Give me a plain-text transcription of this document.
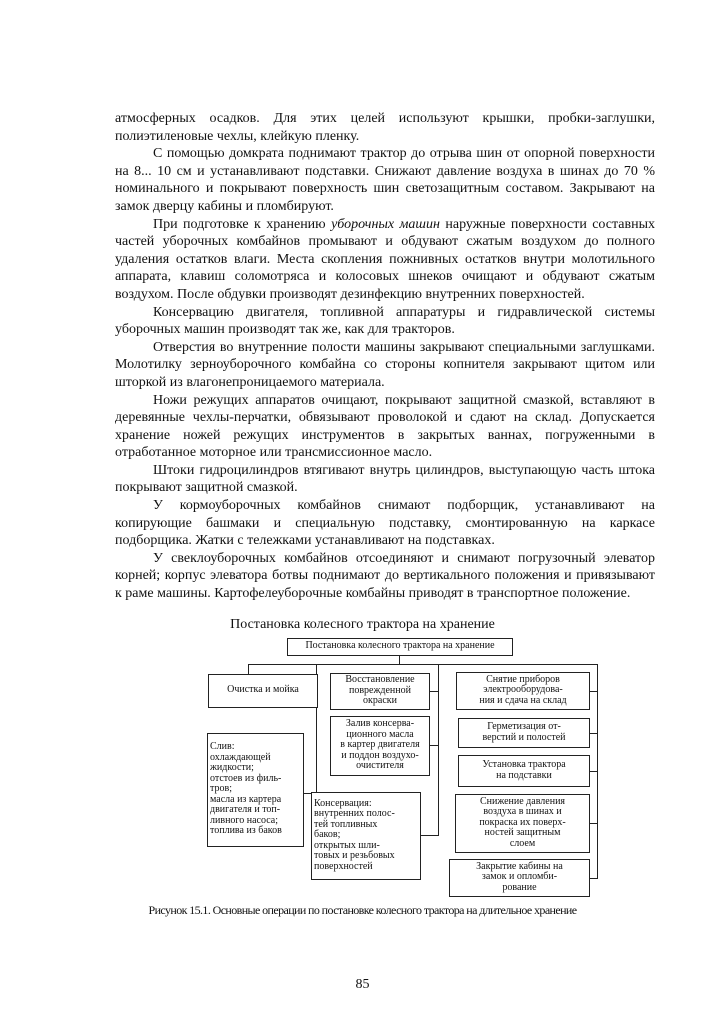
атмосферных осадков. Для этих целей используют крышки, пробки-заглушки, полиэтиленовые чехлы, клейкую пленку.

С помощью домкрата поднимают трактор до отрыва шин от опорной поверхности на 8... 10 см и устанавливают подставки. Снижают давление воздуха в шинах до 70 % номинального и покрывают поверхность шин светозащитным составом. Закрывают на замок дверцу кабины и пломбируют.

При подготовке к хранению уборочных машин наружные поверхности составных частей уборочных комбайнов промывают и обдувают сжатым воздухом до полного удаления остатков влаги. Места скопления пожнивных остатков внутри молотильного аппарата, клавиш соломотряса и колосовых шнеков очищают и обдувают сжатым воздухом. После обдувки производят дезинфекцию внутренних поверхностей.

Консервацию двигателя, топливной аппаратуры и гидравлической системы уборочных машин производят так же, как для тракторов.

Отверстия во внутренние полости машины закрывают специальными заглушками. Молотилку зерноуборочного комбайна со стороны копнителя закрывают щитом или шторкой из влагонепроницаемого материала.

Ножи режущих аппаратов очищают, покрывают защитной смазкой, вставляют в деревянные чехлы-перчатки, обвязывают проволокой и сдают на склад. Допускается хранение ножей режущих инструментов в закрытых ваннах, погруженными в отработанное моторное или трансмиссионное масло.

Штоки гидроцилиндров втягивают внутрь цилиндров, выступающую часть штока покрывают защитной смазкой.

У кормоуборочных комбайнов снимают подборщик, устанавливают на копирующие башмаки и специальную подставку, смонтированную на каркасе подборщика. Жатки с тележками устанавливают на подставках.

У свеклоуборочных комбайнов отсоединяют и снимают погрузочный элеватор корней; корпус элеватора ботвы поднимают до вертикального положения и привязывают к раме машины. Картофелеуборочные комбайны приводят в транспортное положение.

Постановка колесного трактора на хранение
Постановка колесного трактора на хранение
Очистка и мойка
Слив:
охлаждающей
жидкости;
отстоев из филь-
тров;
масла из картера
двигателя и топ-
ливного насоса;
топлива из баков
Восстановление
поврежденной
окраски
Залив консерва-
ционного масла
в картер двигателя
и поддон воздухо-
очистителя
Консервация:
внутренних полос-
тей топливных
баков;
открытых шли-
товых и резьбовых
поверхностей
Снятие приборов
электрооборудова-
ния и сдача на склад
Герметизация от-
верстий и полостей
Установка трактора
на подставки
Снижение давления
воздуха в шинах и
покраска их поверх-
ностей защитным
слоем
Закрытие кабины на
замок и опломби-
рование
Рисунок 15.1. Основные операции по постановке колесного трактора на длительное хранение
85
